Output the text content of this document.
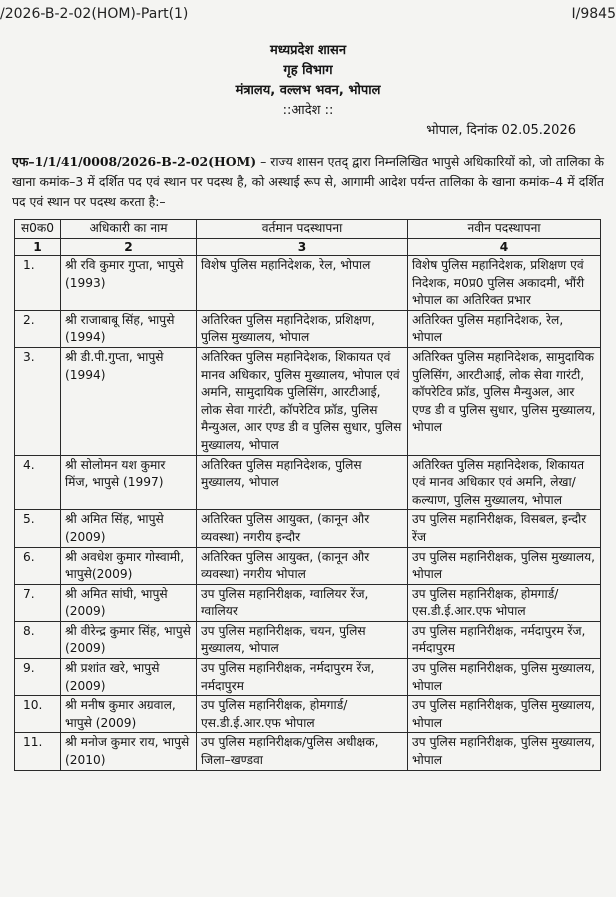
/2026-B-2-02(HOM)-Part(1)	I/9845
मध्यप्रदेश शासन
गृह विभाग
मंत्रालय, वल्लभ भवन, भोपाल
::आदेश ::
भोपाल, दिनांक 02.05.2026
एफ–1/1/41/0008/2026-B-2-02(HOM) – राज्य शासन एतद् द्वारा निम्नलिखित भापुसे अधिकारियों को, जो तालिका के खाना कमांक–3 में दर्शित पद एवं स्थान पर पदस्थ है, को अस्थाई रूप से, आगामी आदेश पर्यन्त तालिका के खाना कमांक–4 में दर्शित पद एवं स्थान पर पदस्थ करता है:–
स0क0	अधिकारी का नाम	वर्तमान पदस्थापना	नवीन पदस्थापना
1	2	3	4
1.	श्री रवि कुमार गुप्ता, भापुसे (1993)	विशेष पुलिस महानिदेशक, रेल, भोपाल	विशेष पुलिस महानिदेशक, प्रशिक्षण एवं निदेशक, म0प्र0 पुलिस अकादमी, भौंरी भोपाल का अतिरिक्त प्रभार
2.	श्री राजाबाबू सिंह, भापुसे (1994)	अतिरिक्त पुलिस महानिदेशक, प्रशिक्षण, पुलिस मुख्यालय, भोपाल	अतिरिक्त पुलिस महानिदेशक, रेल, भोपाल
3.	श्री डी.पी.गुप्ता, भापुसे (1994)	अतिरिक्त पुलिस महानिदेशक, शिकायत एवं मानव अधिकार, पुलिस मुख्यालय, भोपाल एवं अमनि, सामुदायिक पुलिसिंग, आरटीआई, लोक सेवा गारंटी, कॉपरेटिव फ्रॉड, पुलिस मैन्युअल, आर एण्ड डी व पुलिस सुधार, पुलिस मुख्यालय, भोपाल	अतिरिक्त पुलिस महानिदेशक, सामुदायिक पुलिसिंग, आरटीआई, लोक सेवा गारंटी, कॉपरेटिव फ्रॉड, पुलिस मैन्युअल, आर एण्ड डी व पुलिस सुधार, पुलिस मुख्यालय, भोपाल
4.	श्री सोलोमन यश कुमार मिंज, भापुसे (1997)	अतिरिक्त पुलिस महानिदेशक, पुलिस मुख्यालय, भोपाल	अतिरिक्त पुलिस महानिदेशक, शिकायत एवं मानव अधिकार एवं अमनि, लेखा/कल्याण, पुलिस मुख्यालय, भोपाल
5.	श्री अमित सिंह, भापुसे (2009)	अतिरिक्त पुलिस आयुक्त, (कानून और व्यवस्था) नगरीय इन्दौर	उप पुलिस महानिरीक्षक, विसबल, इन्दौर रेंज
6.	श्री अवधेश कुमार गोस्वामी, भापुसे(2009)	अतिरिक्त पुलिस आयुक्त, (कानून और व्यवस्था) नगरीय भोपाल	उप पुलिस महानिरीक्षक, पुलिस मुख्यालय, भोपाल
7.	श्री अमित सांघी, भापुसे (2009)	उप पुलिस महानिरीक्षक, ग्वालियर रेंज, ग्वालियर	उप पुलिस महानिरीक्षक, होमगार्ड/एस.डी.ई.आर.एफ भोपाल
8.	श्री वीरेन्द्र कुमार सिंह, भापुसे (2009)	उप पुलिस महानिरीक्षक, चयन, पुलिस मुख्यालय, भोपाल	उप पुलिस महानिरीक्षक, नर्मदापुरम रेंज, नर्मदापुरम
9.	श्री प्रशांत खरे, भापुसे (2009)	उप पुलिस महानिरीक्षक, नर्मदापुरम रेंज, नर्मदापुरम	उप पुलिस महानिरीक्षक, पुलिस मुख्यालय, भोपाल
10.	श्री मनीष कुमार अग्रवाल, भापुसे (2009)	उप पुलिस महानिरीक्षक, होमगार्ड/एस.डी.ई.आर.एफ भोपाल	उप पुलिस महानिरीक्षक, पुलिस मुख्यालय, भोपाल
11.	श्री मनोज कुमार राय, भापुसे (2010)	उप पुलिस महानिरीक्षक/पुलिस अधीक्षक, जिला–खण्डवा	उप पुलिस महानिरीक्षक, पुलिस मुख्यालय, भोपाल
